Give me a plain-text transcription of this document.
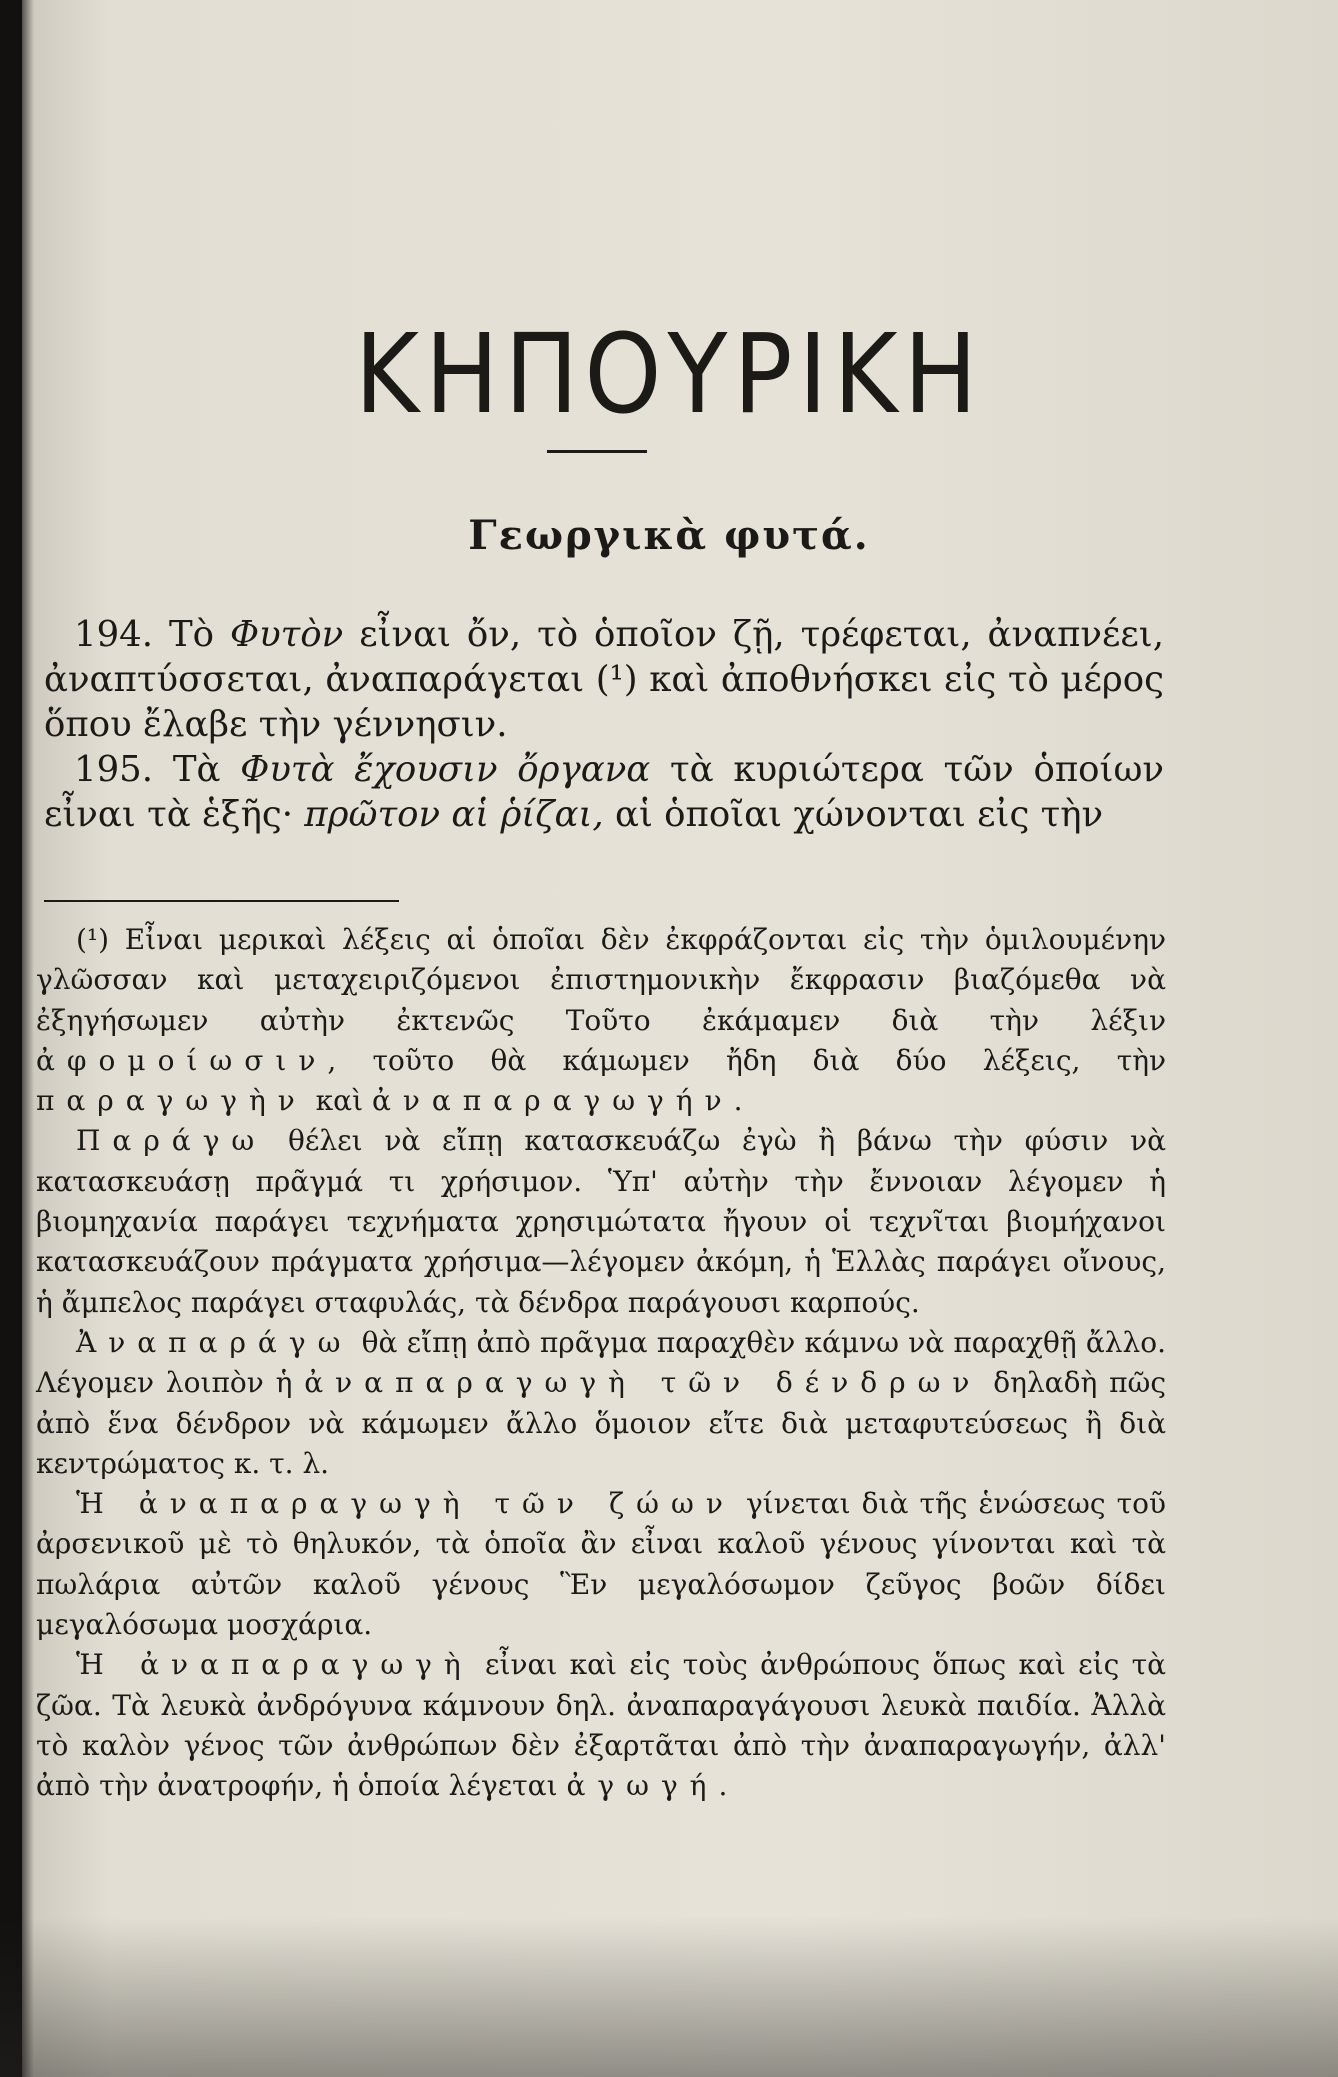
ΚΗΠΟΥΡΙΚΗ
Γεωργικὰ φυτά.

194. Τὸ Φυτὸν εἶναι ὄν, τὸ ὁποῖον ζῇ, τρέφεται, ἀναπνέει, ἀναπτύσσεται, ἀναπαράγεται (¹) καὶ ἀποθνήσκει εἰς τὸ μέρος ὅπου ἔλαβε τὴν γέννησιν.

195. Τὰ Φυτὰ ἔχουσιν ὄργανα τὰ κυριώτερα τῶν ὁποίων εἶναι τὰ ἑξῆς· πρῶτον αἱ ῥίζαι, αἱ ὁποῖαι χώνονται εἰς τὴν

(¹) Εἶναι μερικαὶ λέξεις αἱ ὁποῖαι δὲν ἐκφράζονται εἰς τὴν ὁμιλουμένην γλῶσσαν καὶ μεταχειριζόμενοι ἐπιστημονικὴν ἔκφρασιν βιαζόμεθα νὰ ἐξηγήσωμεν αὐτὴν ἐκτενῶς Τοῦτο ἐκάμαμεν διὰ τὴν λέξιν ἀφομοίωσιν, τοῦτο θὰ κάμωμεν ἤδη διὰ δύο λέξεις, τὴν παραγωγὴν καὶ ἀναπαραγωγήν.

Παράγω θέλει νὰ εἴπῃ κατασκευάζω ἐγὼ ἢ βάνω τὴν φύσιν νὰ κατασκευάσῃ πρᾶγμά τι χρήσιμον. Ὑπ' αὐτὴν τὴν ἔννοιαν λέγομεν ἡ βιομηχανία παράγει τεχνήματα χρησιμώτατα ἤγουν οἱ τεχνῖται βιομήχανοι κατασκευάζουν πράγματα χρήσιμα—λέγομεν ἀκόμη, ἡ Ἑλλὰς παράγει οἴνους, ἡ ἄμπελος παράγει σταφυλάς, τὰ δένδρα παράγουσι καρπούς.

Ἀναπαράγω θὰ εἴπῃ ἀπὸ πρᾶγμα παραχθὲν κάμνω νὰ παραχθῇ ἄλλο. Λέγομεν λοιπὸν ἡ ἀναπαραγωγὴ τῶν δένδρων δηλαδὴ πῶς ἀπὸ ἕνα δένδρον νὰ κάμωμεν ἄλλο ὅμοιον εἴτε διὰ μεταφυτεύσεως ἢ διὰ κεντρώματος κ. τ. λ.

Ἡ ἀναπαραγωγὴ τῶν ζώων γίνεται διὰ τῆς ἑνώσεως τοῦ ἀρσενικοῦ μὲ τὸ θηλυκόν, τὰ ὁποῖα ἂν εἶναι καλοῦ γένους γίνονται καὶ τὰ πωλάρια αὐτῶν καλοῦ γένους Ἓν μεγαλόσωμον ζεῦγος βοῶν δίδει μεγαλόσωμα μοσχάρια.

Ἡ ἀναπαραγωγὴ εἶναι καὶ εἰς τοὺς ἀνθρώπους ὅπως καὶ εἰς τὰ ζῶα. Τὰ λευκὰ ἀνδρόγυνα κάμνουν δηλ. ἀναπαραγάγουσι λευκὰ παιδία. Ἀλλὰ τὸ καλὸν γένος τῶν ἀνθρώπων δὲν ἐξαρτᾶται ἀπὸ τὴν ἀναπαραγωγήν, ἀλλ' ἀπὸ τὴν ἀνατροφήν, ἡ ὁποία λέγεται ἀγωγή.
